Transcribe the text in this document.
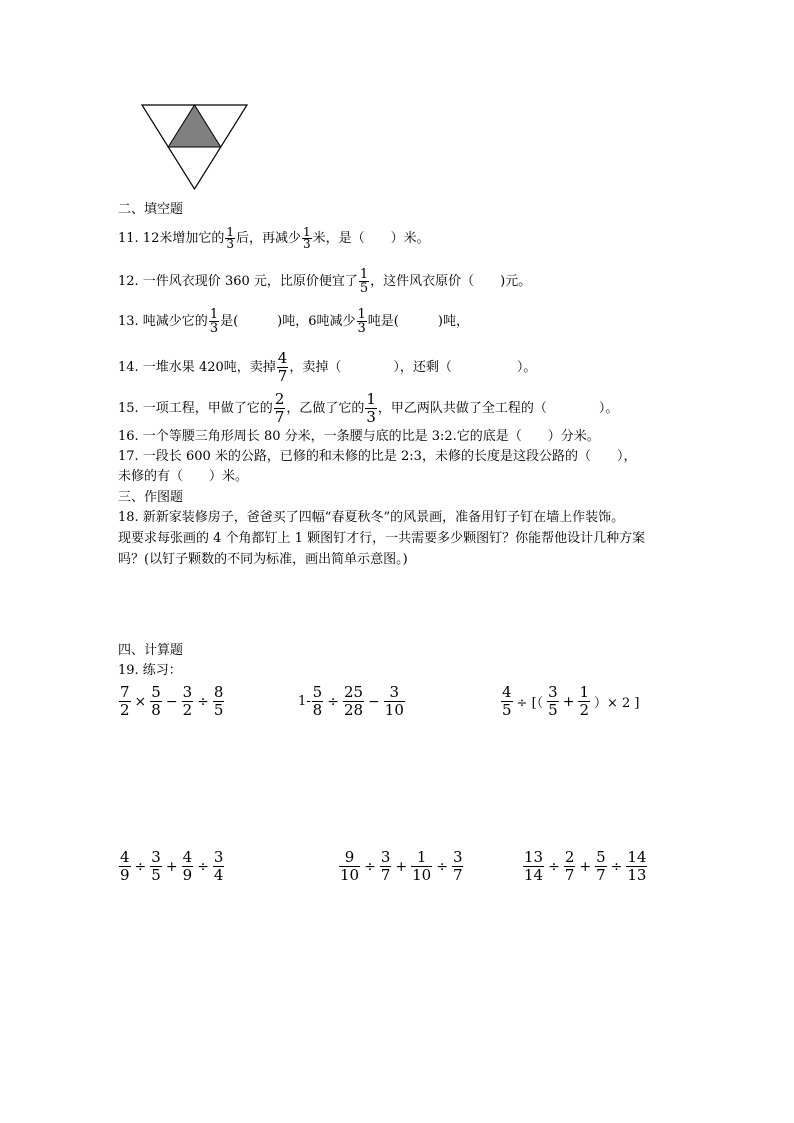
二、填空题
11. 12米增加它的 $\frac{1}{3}$ 后，再减少 $\frac{1}{3}$ 米，是（　　）米。
12. 一件风衣现价 360 元，比原价便宜了 $\frac{1}{5}$ ，这件风衣原价（　　)元。
13. 吨减少它的 $\frac{1}{3}$ 是(　　　)吨，6吨减少 $\frac{1}{3}$ 吨是(　　　)吨，
14. 一堆水果 420吨，卖掉 $\frac{4}{7}$ ，卖掉（　　　　），还剩（　　　　　）。
15. 一项工程，甲做了它的 $\frac{2}{7}$ ，乙做了它的 $\frac{1}{3}$ ，甲乙两队共做了全工程的（　　　　）。
16. 一个等腰三角形周长 80 分米，一条腰与底的比是 3:2.它的底是（　　）分米。
17. 一段长 600 米的公路，已修的和未修的比是 2:3，未修的长度是这段公路的（　　），
未修的有（　　）米。
三、作图题
18. 新新家装修房子，爸爸买了四幅“春夏秋冬”的风景画，准备用钉子钉在墙上作装饰。
现要求每张画的 4 个角都钉上 1 颗图钉才行，一共需要多少颗图钉？你能帮他设计几种方案
吗？(以钉子颗数的不同为标准，画出简单示意图。)
四、计算题
19. 练习：
$\frac{7}{2} \times \frac{5}{8} - \frac{3}{2} \div \frac{8}{5}$	$1- \frac{5}{8} \div \frac{25}{28} - \frac{3}{10}$	$\frac{4}{5}$ ÷ [（ $\frac{3}{5} + \frac{1}{2}$ ）× 2 ]
$\frac{4}{9} \div \frac{3}{5} + \frac{4}{9} \div \frac{3}{4}$	$\frac{9}{10} \div \frac{3}{7} + \frac{1}{10} \div \frac{3}{7}$	$\frac{13}{14} \div \frac{2}{7} + \frac{5}{7} \div \frac{14}{13}$
